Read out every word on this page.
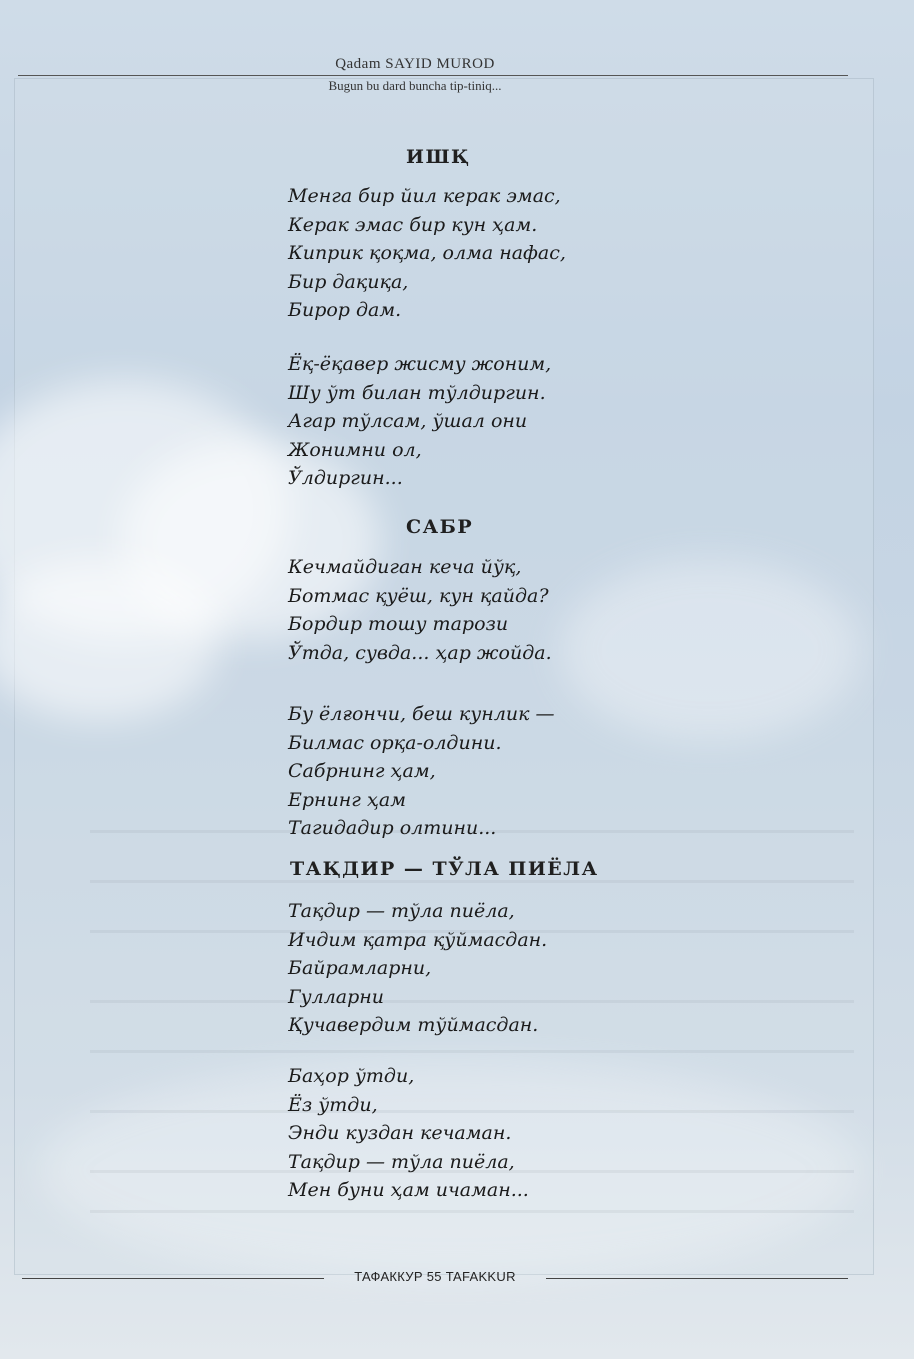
Qadam SAYID MUROD
Bugun bu dard buncha tip-tiniq...
ИШҚ
Менга бир йил керак эмас,
Керак эмас бир кун ҳам.
Киприк қоқма, олма нафас,
Бир дақиқа,
Бирор дам.
Ёқ-ёқавер жисму жоним,
Шу ўт билан тўлдиргин.
Агар тўлсам, ўшал они
Жонимни ол,
Ўлдиргин...
САБР
Кечмайдиган кеча йўқ,
Ботмас қуёш, кун қайда?
Бордир тошу тарози
Ўтда, сувда... ҳар жойда.
Бу ёлғончи, беш кунлик —
Билмас орқа-олдини.
Сабрнинг ҳам,
Ернинг ҳам
Тагидадир олтини...
ТАҚДИР — ТЎЛА ПИЁЛА
Тақдир — тўла пиёла,
Ичдим қатра қўймасдан.
Байрамларни,
Гулларни
Қучавердим тўймасдан.
Баҳор ўтди,
Ёз ўтди,
Энди куздан кечаман.
Тақдир — тўла пиёла,
Мен буни ҳам ичаман...
ТАФАККУР 55 TAFAKKUR
